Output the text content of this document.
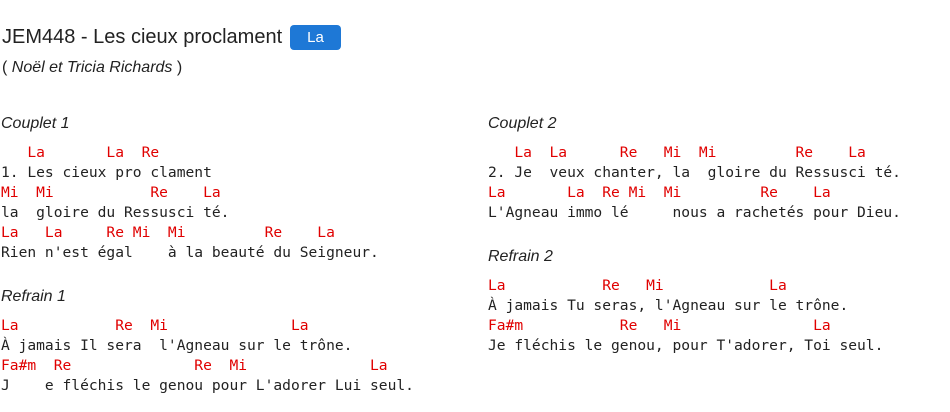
JEM448 - Les cieux proclament	La
( Noël et Tricia Richards )
Couplet 1
La       La  Re
1. Les cieux pro clament
Mi  Mi           Re    La
la  gloire du Ressusci té.
La   La     Re Mi  Mi         Re    La
Rien n'est égal    à la beauté du Seigneur.
Refrain 1
La           Re  Mi              La
À jamais Il sera  l'Agneau sur le trône.
Fa#m  Re              Re  Mi              La
J    e fléchis le genou pour L'adorer Lui seul.
Couplet 2
La  La      Re   Mi  Mi         Re    La
2. Je  veux chanter, la  gloire du Ressusci té.
La       La  Re Mi  Mi         Re    La
L'Agneau immo lé     nous a rachetés pour Dieu.
Refrain 2
La           Re   Mi            La
À jamais Tu seras, l'Agneau sur le trône.
Fa#m           Re   Mi               La
Je fléchis le genou, pour T'adorer, Toi seul.
